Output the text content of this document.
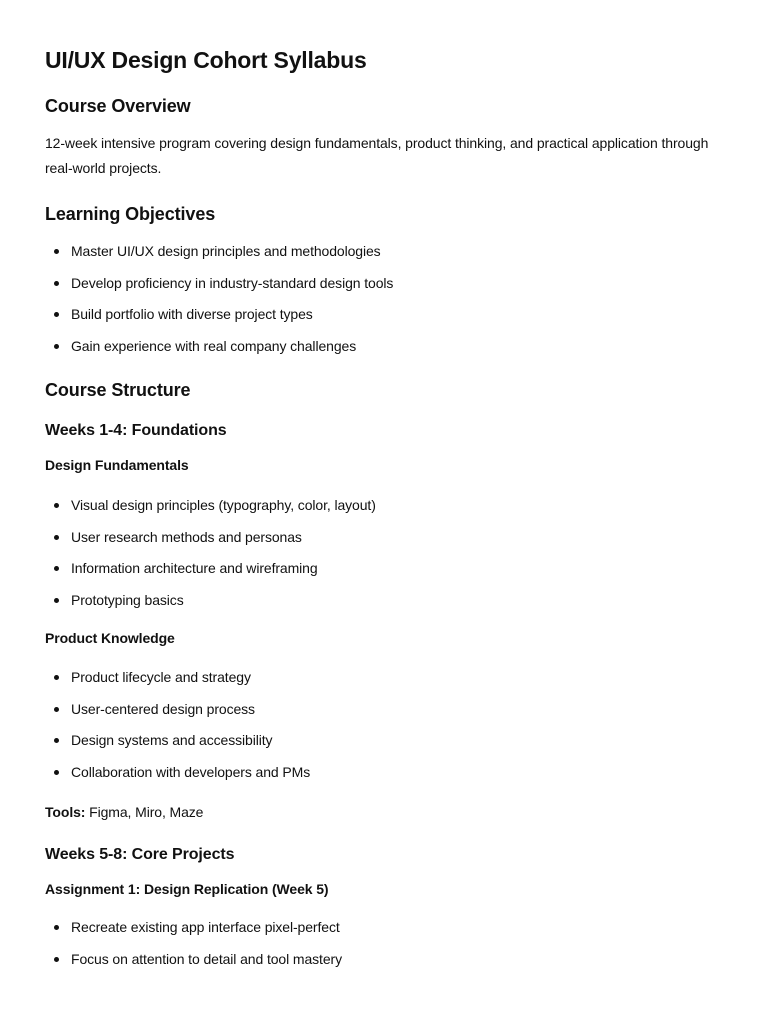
UI/UX Design Cohort Syllabus
Course Overview

12-week intensive program covering design fundamentals, product thinking, and practical application through real-world projects.

Learning Objectives
Master UI/UX design principles and methodologies
Develop proficiency in industry-standard design tools
Build portfolio with diverse project types
Gain experience with real company challenges
Course Structure
Weeks 1-4: Foundations
Design Fundamentals
Visual design principles (typography, color, layout)
User research methods and personas
Information architecture and wireframing
Prototyping basics
Product Knowledge
Product lifecycle and strategy
User-centered design process
Design systems and accessibility
Collaboration with developers and PMs

Tools: Figma, Miro, Maze

Weeks 5-8: Core Projects
Assignment 1: Design Replication (Week 5)
Recreate existing app interface pixel-perfect
Focus on attention to detail and tool mastery
